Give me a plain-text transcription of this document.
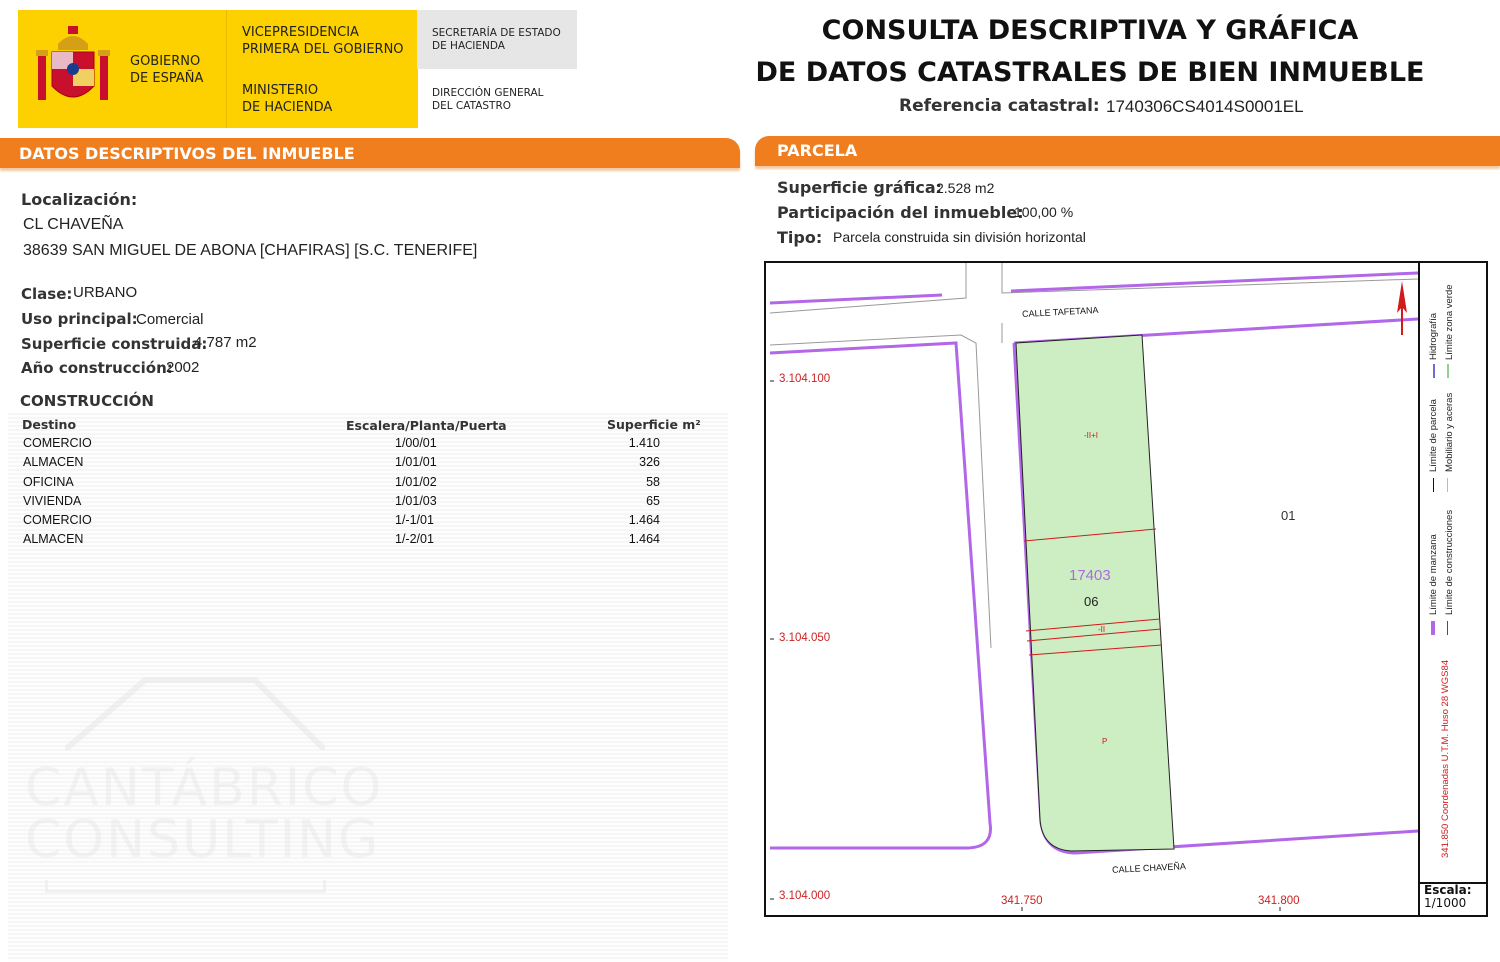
GOBIERNO
DE ESPAÑA
VICEPRESIDENCIA
PRIMERA DEL GOBIERNO
MINISTERIO
DE HACIENDA
SECRETARÍA DE ESTADO
DE HACIENDA
DIRECCIÓN GENERAL
DEL CATASTRO
CONSULTA DESCRIPTIVA Y GRÁFICA
DE DATOS CATASTRALES DE BIEN INMUEBLE
Referencia catastral: 1740306CS4014S0001EL
DATOS DESCRIPTIVOS DEL INMUEBLE
Localización:
CL CHAVEÑA
38639 SAN MIGUEL DE ABONA [CHAFIRAS] [S.C. TENERIFE]
Clase: URBANO
Uso principal:
Comercial
Superficie construida:
4.787 m2
Año construcción:
2002
CONSTRUCCIÓN
Destino	Escalera/Planta/Puerta	Superficie m²
COMERCIO	1/00/01	1.410
ALMACEN	1/01/01	326
OFICINA	1/01/02	58
VIVIENDA	1/01/03	65
COMERCIO	1/-1/01	1.464
ALMACEN	1/-2/01	1.464
CANTÁBRICO
CONSULTING
PARCELA
Superficie gráfica:
2.528 m2
Participación del inmueble:
100,00 %
Tipo: Parcela construida sin división horizontal
CALLE TAFETANA
CALLE CHAVEÑA
3.104.100
3.104.050
3.104.000	341.750	341.800
17403
06
01
-II+I
-II
P	341.850 Coordenadas U.T.M. Huso 28 WGS84
Límite de manzana Límite de construcciones
Límite de parcela Mobiliario y aceras
Hidrografía Límite zona verde
Escala:
1/1000
